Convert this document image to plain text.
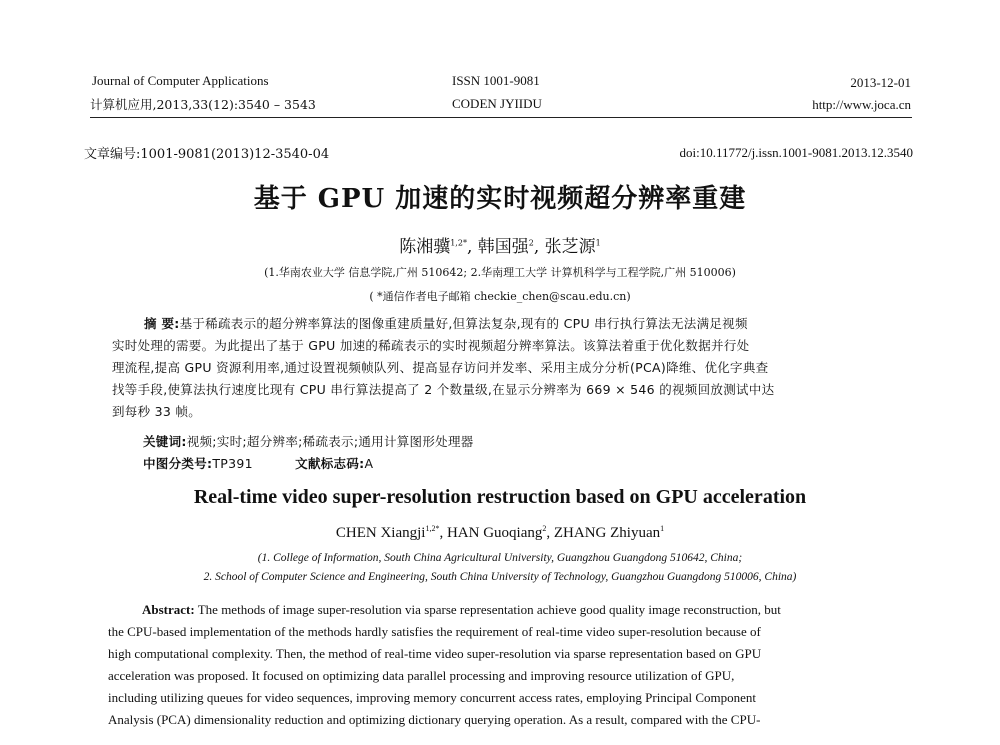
Journal of Computer Applications
计算机应用,2013,33(12):3540 – 3543
ISSN 1001-9081
CODEN JYIIDU
2013-12-01
http://www.joca.cn
文章编号:1001-9081(2013)12-3540-04	doi:10.11772/j.issn.1001-9081.2013.12.3540
基于 GPU 加速的实时视频超分辨率重建
陈湘骥$^{1,2*}$, 韩国强$^2$, 张芝源$^1$
(1.华南农业大学 信息学院,广州 510642; 2.华南理工大学 计算机科学与工程学院,广州 510006)
( *通信作者电子邮箱 checkie_chen@scau.edu.cn)
摘 要:基于稀疏表示的超分辨率算法的图像重建质量好,但算法复杂,现有的 CPU 串行执行算法无法满足视频
实时处理的需要。为此提出了基于 GPU 加速的稀疏表示的实时视频超分辨率算法。该算法着重于优化数据并行处
理流程,提高 GPU 资源利用率,通过设置视频帧队列、提高显存访问并发率、采用主成分分析(PCA)降维、优化字典查
找等手段,使算法执行速度比现有 CPU 串行算法提高了 2 个数量级,在显示分辨率为 669 × 546 的视频回放测试中达
到每秒 33 帧。
关键词:视频;实时;超分辨率;稀疏表示;通用计算图形处理器
中图分类号:TP391	文献标志码:A
Real-time video super-resolution restruction based on GPU acceleration
CHEN Xiangji$^{1,2*}$, HAN Guoqiang$^2$, ZHANG Zhiyuan$^1$
(1. College of Information, South China Agricultural University, Guangzhou Guangdong 510642, China;
2. School of Computer Science and Engineering, South China University of Technology, Guangzhou Guangdong 510006, China)
Abstract: The methods of image super-resolution via sparse representation achieve good quality image reconstruction, but
the CPU-based implementation of the methods hardly satisfies the requirement of real-time video super-resolution because of
high computational complexity. Then, the method of real-time video super-resolution via sparse representation based on GPU
acceleration was proposed. It focused on optimizing data parallel processing and improving resource utilization of GPU,
including utilizing queues for video sequences, improving memory concurrent access rates, employing Principal Component
Analysis (PCA) dimensionality reduction and optimizing dictionary querying operation. As a result, compared with the CPU-
